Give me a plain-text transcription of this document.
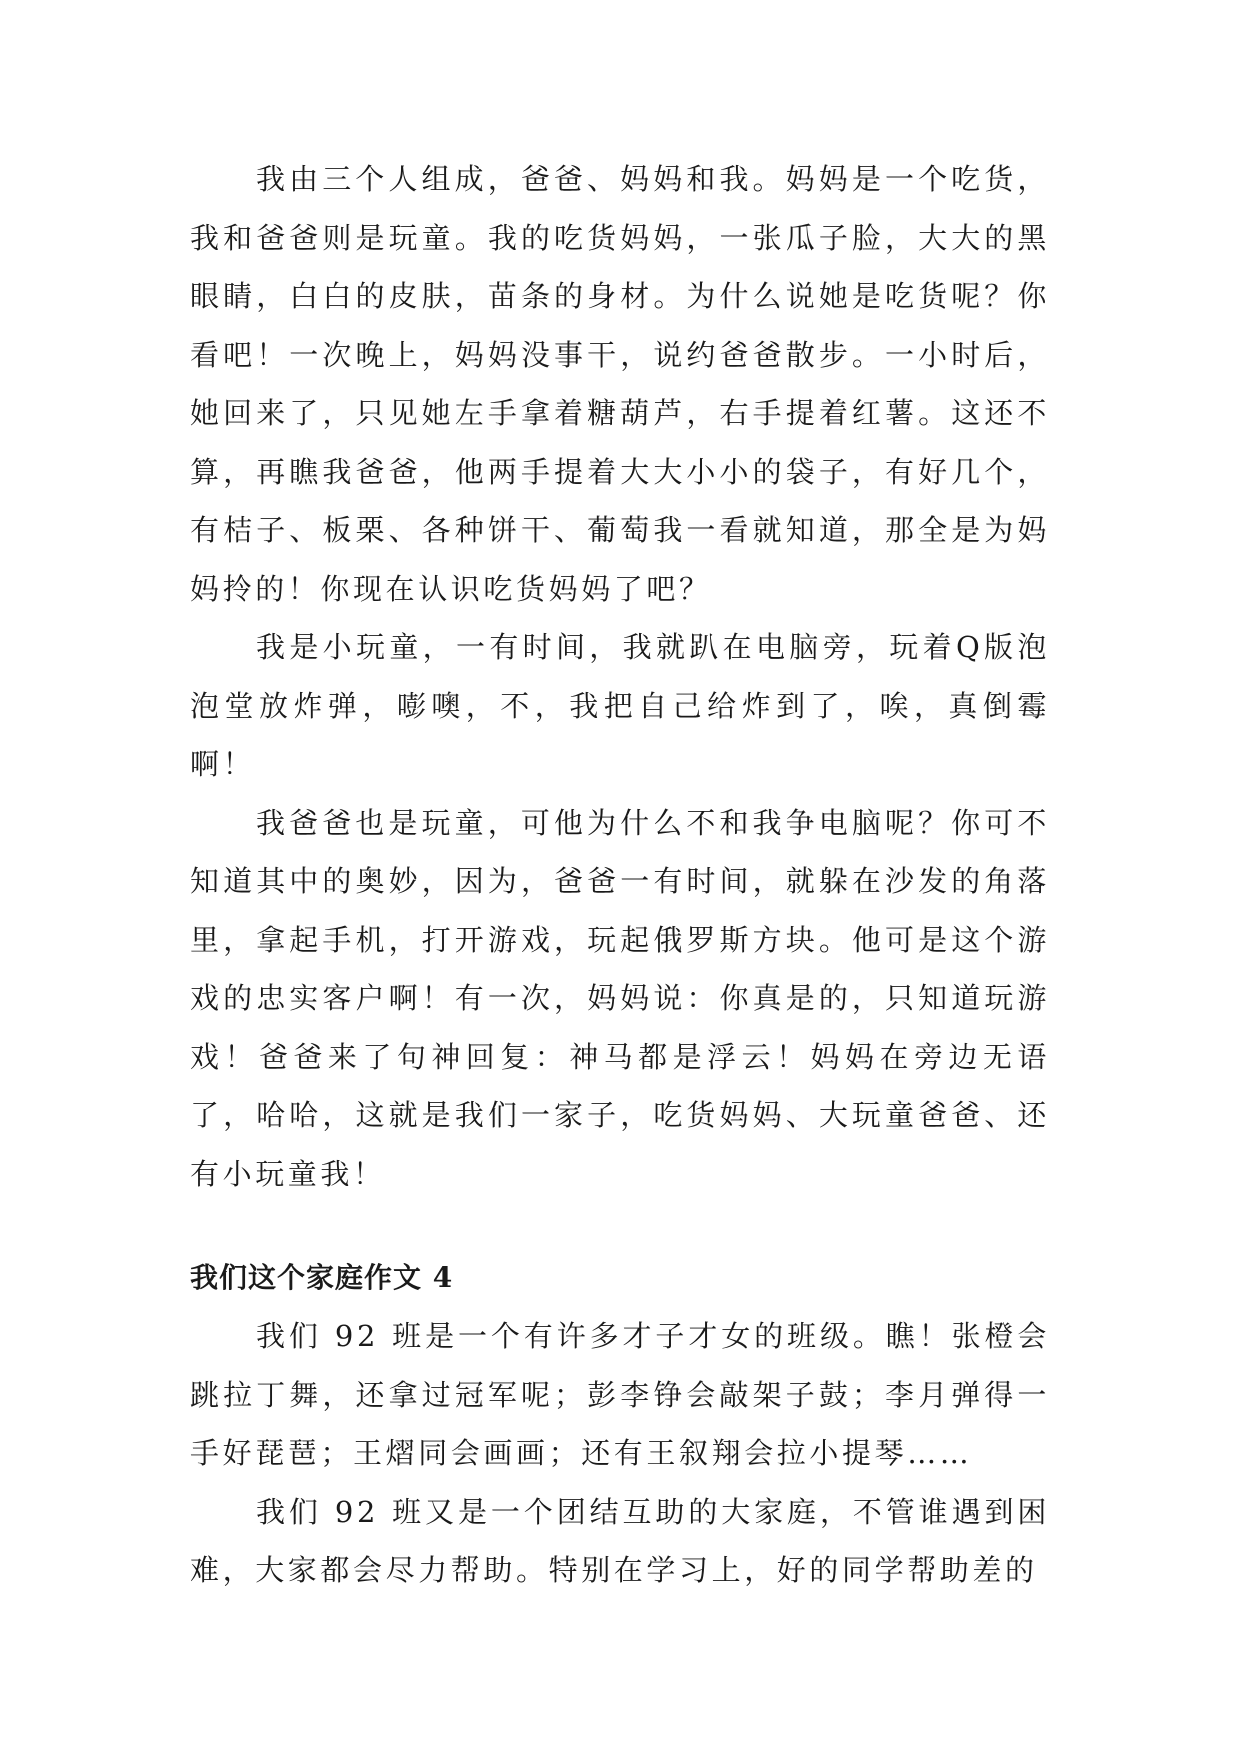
我由三个人组成，爸爸、妈妈和我。妈妈是一个吃货，我和爸爸则是玩童。我的吃货妈妈，一张瓜子脸，大大的黑眼睛，白白的皮肤，苗条的身材。为什么说她是吃货呢？你看吧！一次晚上，妈妈没事干，说约爸爸散步。一小时后，她回来了，只见她左手拿着糖葫芦，右手提着红薯。这还不算，再瞧我爸爸，他两手提着大大小小的袋子，有好几个，有桔子、板栗、各种饼干、葡萄我一看就知道，那全是为妈妈拎的！你现在认识吃货妈妈了吧？

我是小玩童，一有时间，我就趴在电脑旁，玩着Q版泡泡堂放炸弹，嘭噢，不，我把自己给炸到了，唉，真倒霉啊！

我爸爸也是玩童，可他为什么不和我争电脑呢？你可不知道其中的奥妙，因为，爸爸一有时间，就躲在沙发的角落里，拿起手机，打开游戏，玩起俄罗斯方块。他可是这个游戏的忠实客户啊！有一次，妈妈说：你真是的，只知道玩游戏！爸爸来了句神回复：神马都是浮云！妈妈在旁边无语了，哈哈，这就是我们一家子，吃货妈妈、大玩童爸爸、还有小玩童我！

我们这个家庭作文 4

我们 92 班是一个有许多才子才女的班级。瞧！张橙会跳拉丁舞，还拿过冠军呢；彭李铮会敲架子鼓；李月弹得一手好琵琶；王熠同会画画；还有王叙翔会拉小提琴……

我们 92 班又是一个团结互助的大家庭，不管谁遇到困难，大家都会尽力帮助。特别在学习上，好的同学帮助差的
